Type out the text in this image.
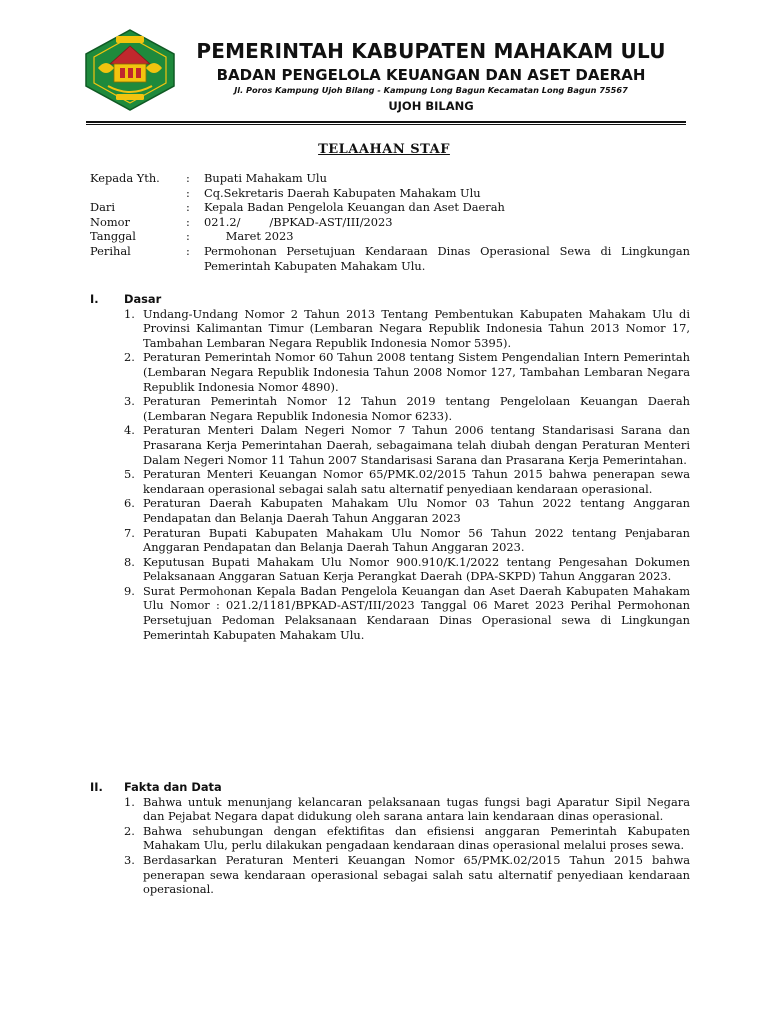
PEMERINTAH KABUPATEN MAHAKAM ULU
BADAN PENGELOLA KEUANGAN DAN ASET DAERAH
Jl. Poros Kampung Ujoh Bilang - Kampung Long Bagun Kecamatan Long Bagun 75567
UJOH BILANG
TELAAHAN STAF
Kepada Yth.	:	Bupati Mahakam Ulu
:	Cq.Sekretaris Daerah Kabupaten Mahakam Ulu
Dari	:	Kepala Badan Pengelola Keuangan dan Aset Daerah
Nomor	:	021.2/        /BPKAD-AST/III/2023
Tanggal	:	Maret 2023
Perihal	:	Permohonan Persetujuan Kendaraan Dinas Operasional Sewa di Lingkungan Pemerintah Kabupaten Mahakam Ulu.
I.	Dasar
1. Undang-Undang Nomor 2 Tahun 2013 Tentang Pembentukan Kabupaten Mahakam Ulu di Provinsi Kalimantan Timur (Lembaran Negara Republik Indonesia Tahun 2013 Nomor 17, Tambahan Lembaran Negara Republik Indonesia Nomor 5395).
2. Peraturan Pemerintah Nomor 60 Tahun 2008 tentang Sistem Pengendalian Intern Pemerintah (Lembaran Negara Republik Indonesia Tahun 2008 Nomor 127, Tambahan Lembaran Negara Republik Indonesia Nomor 4890).
3. Peraturan Pemerintah Nomor 12 Tahun 2019 tentang Pengelolaan Keuangan Daerah (Lembaran Negara Republik Indonesia Nomor 6233).
4. Peraturan Menteri Dalam Negeri Nomor 7 Tahun 2006 tentang Standarisasi Sarana dan Prasarana Kerja Pemerintahan Daerah, sebagaimana telah diubah dengan Peraturan Menteri Dalam Negeri Nomor 11 Tahun 2007 Standarisasi Sarana dan Prasarana Kerja Pemerintahan.
5. Peraturan Menteri Keuangan Nomor 65/PMK.02/2015 Tahun 2015 bahwa penerapan sewa kendaraan operasional sebagai salah satu alternatif penyediaan kendaraan operasional.
6. Peraturan Daerah Kabupaten Mahakam Ulu Nomor 03 Tahun 2022 tentang Anggaran Pendapatan dan Belanja Daerah Tahun Anggaran 2023
7. Peraturan Bupati Kabupaten Mahakam Ulu Nomor 56 Tahun 2022 tentang Penjabaran Anggaran Pendapatan dan Belanja Daerah Tahun Anggaran 2023.
8. Keputusan Bupati Mahakam Ulu Nomor 900.910/K.1/2022 tentang Pengesahan Dokumen Pelaksanaan Anggaran Satuan Kerja Perangkat Daerah (DPA-SKPD) Tahun Anggaran 2023.
9. Surat Permohonan Kepala Badan Pengelola Keuangan dan Aset Daerah Kabupaten Mahakam Ulu Nomor : 021.2/1181/BPKAD-AST/III/2023 Tanggal 06 Maret 2023 Perihal Permohonan Persetujuan Pedoman Pelaksanaan Kendaraan Dinas Operasional sewa di Lingkungan Pemerintah Kabupaten Mahakam Ulu.
II.	Fakta dan Data
1. Bahwa untuk menunjang kelancaran pelaksanaan tugas fungsi bagi Aparatur Sipil Negara dan Pejabat Negara dapat didukung oleh sarana antara lain kendaraan dinas operasional.
2. Bahwa sehubungan dengan efektifitas dan efisiensi anggaran Pemerintah Kabupaten Mahakam Ulu, perlu dilakukan pengadaan kendaraan dinas operasional melalui proses sewa.
3. Berdasarkan Peraturan Menteri Keuangan Nomor 65/PMK.02/2015 Tahun 2015 bahwa penerapan sewa kendaraan operasional sebagai salah satu alternatif penyediaan kendaraan operasional.
